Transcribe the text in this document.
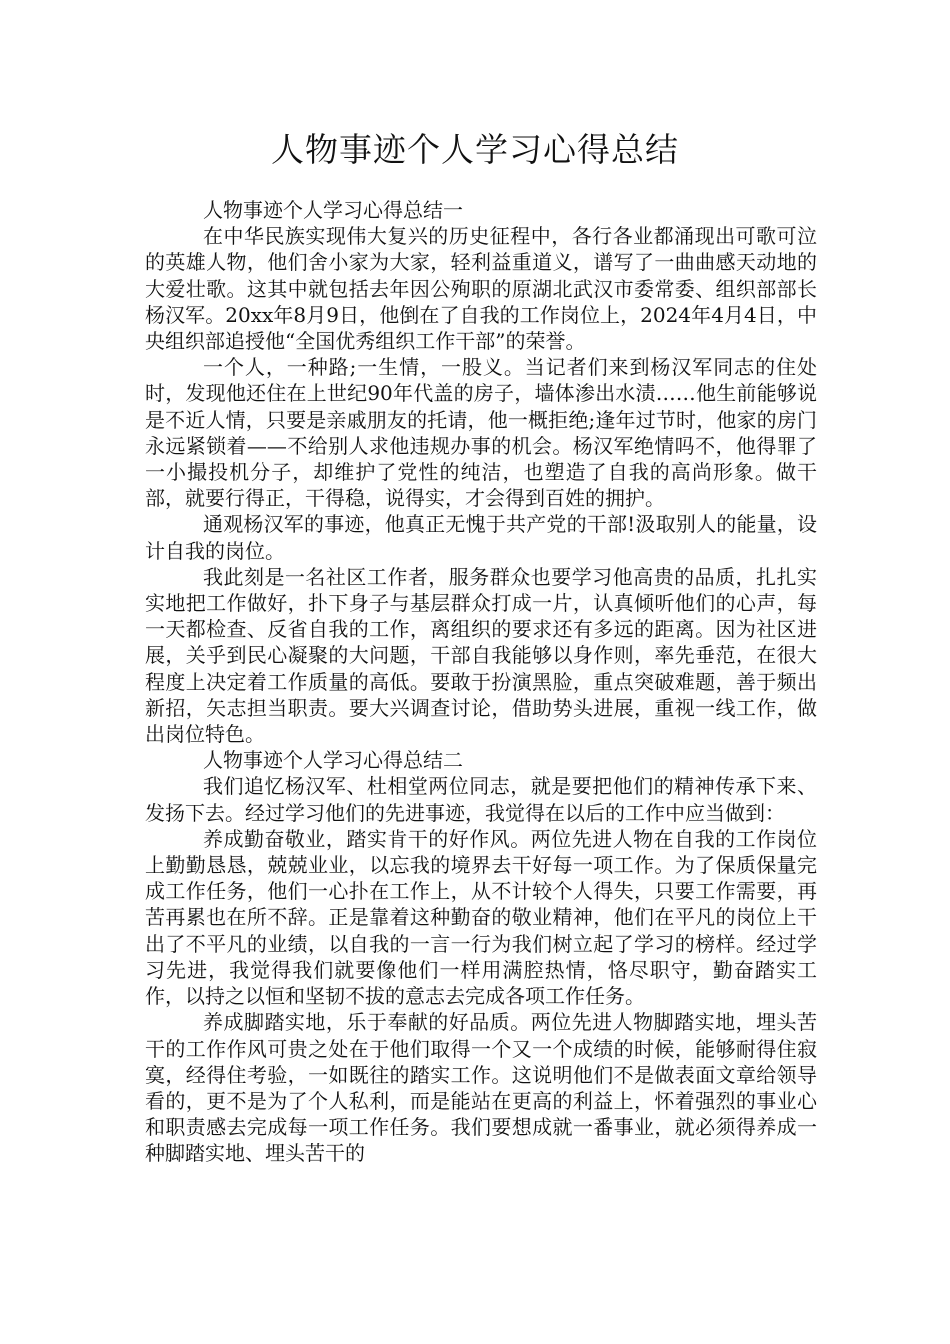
人物事迹个人学习心得总结

人物事迹个人学习心得总结一

在中华民族实现伟大复兴的历史征程中，各行各业都涌现出可歌可泣的英雄人物，他们舍小家为大家，轻利益重道义，谱写了一曲曲感天动地的大爱壮歌。这其中就包括去年因公殉职的原湖北武汉市委常委、组织部部长杨汉军。20xx年8月9日，他倒在了自我的工作岗位上，2024年4月4日，中央组织部追授他“全国优秀组织工作干部”的荣誉。

一个人，一种路;一生情，一股义。当记者们来到杨汉军同志的住处时，发现他还住在上世纪90年代盖的房子，墙体渗出水渍……他生前能够说是不近人情，只要是亲戚朋友的托请，他一概拒绝;逢年过节时，他家的房门永远紧锁着——不给别人求他违规办事的机会。杨汉军绝情吗不，他得罪了一小撮投机分子，却维护了党性的纯洁，也塑造了自我的高尚形象。做干部，就要行得正，干得稳，说得实，才会得到百姓的拥护。

通观杨汉军的事迹，他真正无愧于共产党的干部!汲取别人的能量，设计自我的岗位。

我此刻是一名社区工作者，服务群众也要学习他高贵的品质，扎扎实实地把工作做好，扑下身子与基层群众打成一片，认真倾听他们的心声，每一天都检查、反省自我的工作，离组织的要求还有多远的距离。因为社区进展，关乎到民心凝聚的大问题，干部自我能够以身作则，率先垂范，在很大程度上决定着工作质量的高低。要敢于扮演黑脸，重点突破难题，善于频出新招，矢志担当职责。要大兴调查讨论，借助势头进展，重视一线工作，做出岗位特色。

人物事迹个人学习心得总结二

我们追忆杨汉军、杜相堂两位同志，就是要把他们的精神传承下来、发扬下去。经过学习他们的先进事迹，我觉得在以后的工作中应当做到：

养成勤奋敬业，踏实肯干的好作风。两位先进人物在自我的工作岗位上勤勤恳恳，兢兢业业，以忘我的境界去干好每一项工作。为了保质保量完成工作任务，他们一心扑在工作上，从不计较个人得失，只要工作需要，再苦再累也在所不辞。正是靠着这种勤奋的敬业精神，他们在平凡的岗位上干出了不平凡的业绩，以自我的一言一行为我们树立起了学习的榜样。经过学习先进，我觉得我们就要像他们一样用满腔热情，恪尽职守，勤奋踏实工作，以持之以恒和坚韧不拔的意志去完成各项工作任务。

养成脚踏实地，乐于奉献的好品质。两位先进人物脚踏实地，埋头苦干的工作作风可贵之处在于他们取得一个又一个成绩的时候，能够耐得住寂寞，经得住考验，一如既往的踏实工作。这说明他们不是做表面文章给领导看的，更不是为了个人私利，而是能站在更高的利益上，怀着强烈的事业心和职责感去完成每一项工作任务。我们要想成就一番事业，就必须得养成一种脚踏实地、埋头苦干的
